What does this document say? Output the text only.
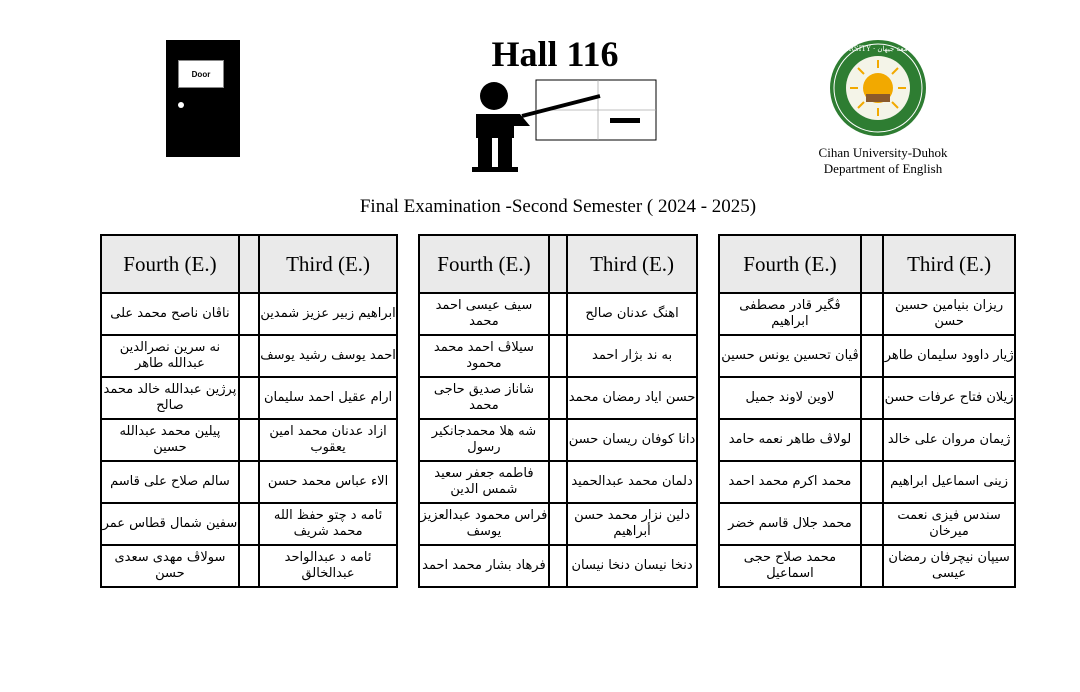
Door	Hall 116	CIHAN UNIVERSITY · زانكۆى جيهان · جامعة جيهان
Cihan University-Duhok
Department of English
Final Examination -Second Semester ( 2024 - 2025)
Fourth (E.)		Third (E.)
ناڤان ناصح محمد على		ابراهيم زبير عزيز شمدين
نه سرين نصرالدين عبدالله طاهر		احمد يوسف رشيد يوسف
پرژين عبدالله خالد محمد صالح		ارام عقيل احمد سليمان
پيلين محمد عبدالله حسين		ازاد عدنان محمد امين يعقوب
سالم صلاح على قاسم		الاء عباس محمد حسن
سفين شمال قطاس عمر		ئامه د چتو حفظ الله محمد شريف
سولاڤ مهدى سعدى حسن		ئامه د عبدالواحد عبدالخالق
Fourth (E.)		Third (E.)
سيف عيسى احمد محمد		اهنگ عدنان صالح
سيلاڤ احمد محمد محمود		به ند بژار احمد
شاناز صديق حاجى محمد		حسن اياد رمضان محمد
شه هلا محمدجانكير رسول		دانا كوفان ريسان حسن
فاطمه جعفر سعيد شمس الدين		دلمان محمد عبدالحميد
فراس محمود عبدالعزيز يوسف		دلين نزار محمد حسن أبراهيم
فرهاد بشار محمد احمد		دنخا نيسان دنخا نيسان
Fourth (E.)		Third (E.)
ڤگير قادر مصطفى ابراهيم		ريزان بنيامين حسين حسن
ڤيان تحسين يونس حسين		ژيار داوود سليمان طاهر
لاوين لاوند جميل		زيلان فتاح عرفات حسن
لولاڤ طاهر نعمه حامد		ژيمان مروان على خالد
محمد اكرم محمد احمد		زينى اسماعيل ابراهيم
محمد جلال قاسم خضر		سندس فيزى نعمت ميرخان
محمد صلاح حجى اسماعيل		سيپان نيچرفان رمضان عيسى
